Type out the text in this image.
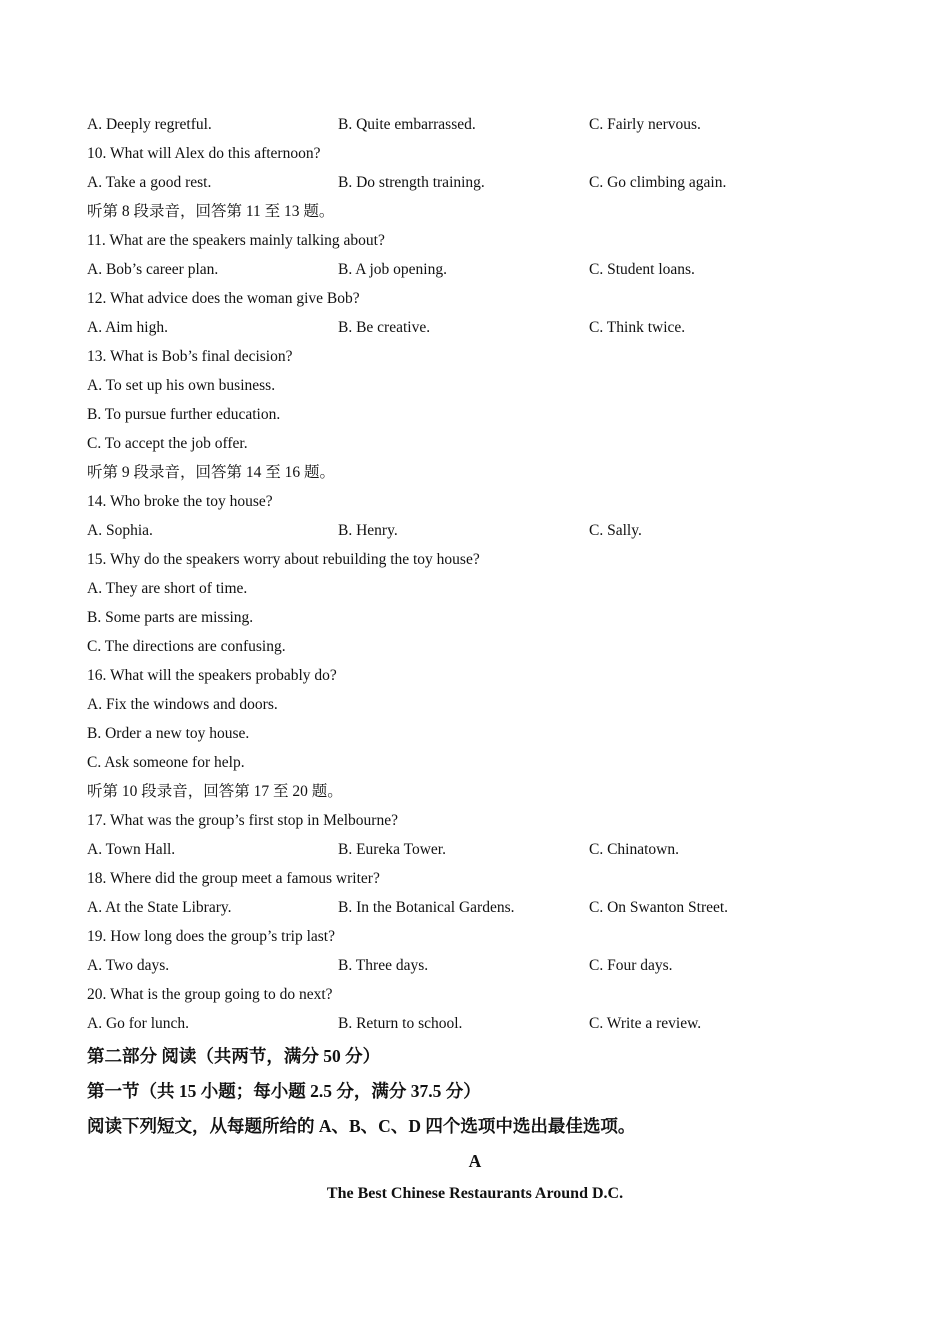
A. Deeply regretful.	B. Quite embarrassed.	C. Fairly nervous.
10. What will Alex do this afternoon?
A. Take a good rest.	B. Do strength training.	C. Go climbing again.
听第 8 段录音，回答第 11 至 13 题。
11. What are the speakers mainly talking about?
A. Bob’s career plan.	B. A job opening.	C. Student loans.
12. What advice does the woman give Bob?
A. Aim high.	B. Be creative.	C. Think twice.
13. What is Bob’s final decision?
A. To set up his own business.
B. To pursue further education.
C. To accept the job offer.
听第 9 段录音，回答第 14 至 16 题。
14. Who broke the toy house?
A. Sophia.	B. Henry.	C. Sally.
15. Why do the speakers worry about rebuilding the toy house?
A. They are short of time.
B. Some parts are missing.
C. The directions are confusing.
16. What will the speakers probably do?
A. Fix the windows and doors.
B. Order a new toy house.
C. Ask someone for help.
听第 10 段录音，回答第 17 至 20 题。
17. What was the group’s first stop in Melbourne?
A. Town Hall.	B. Eureka Tower.	C. Chinatown.
18. Where did the group meet a famous writer?
A. At the State Library.	B. In the Botanical Gardens.	C. On Swanton Street.
19. How long does the group’s trip last?
A. Two days.	B. Three days.	C. Four days.
20. What is the group going to do next?
A. Go for lunch.	B. Return to school.	C. Write a review.
第二部分 阅读（共两节，满分 50 分）
第一节（共 15 小题；每小题 2.5 分，满分 37.5 分）
阅读下列短文，从每题所给的 A、B、C、D 四个选项中选出最佳选项。
A
The Best Chinese Restaurants Around D.C.
